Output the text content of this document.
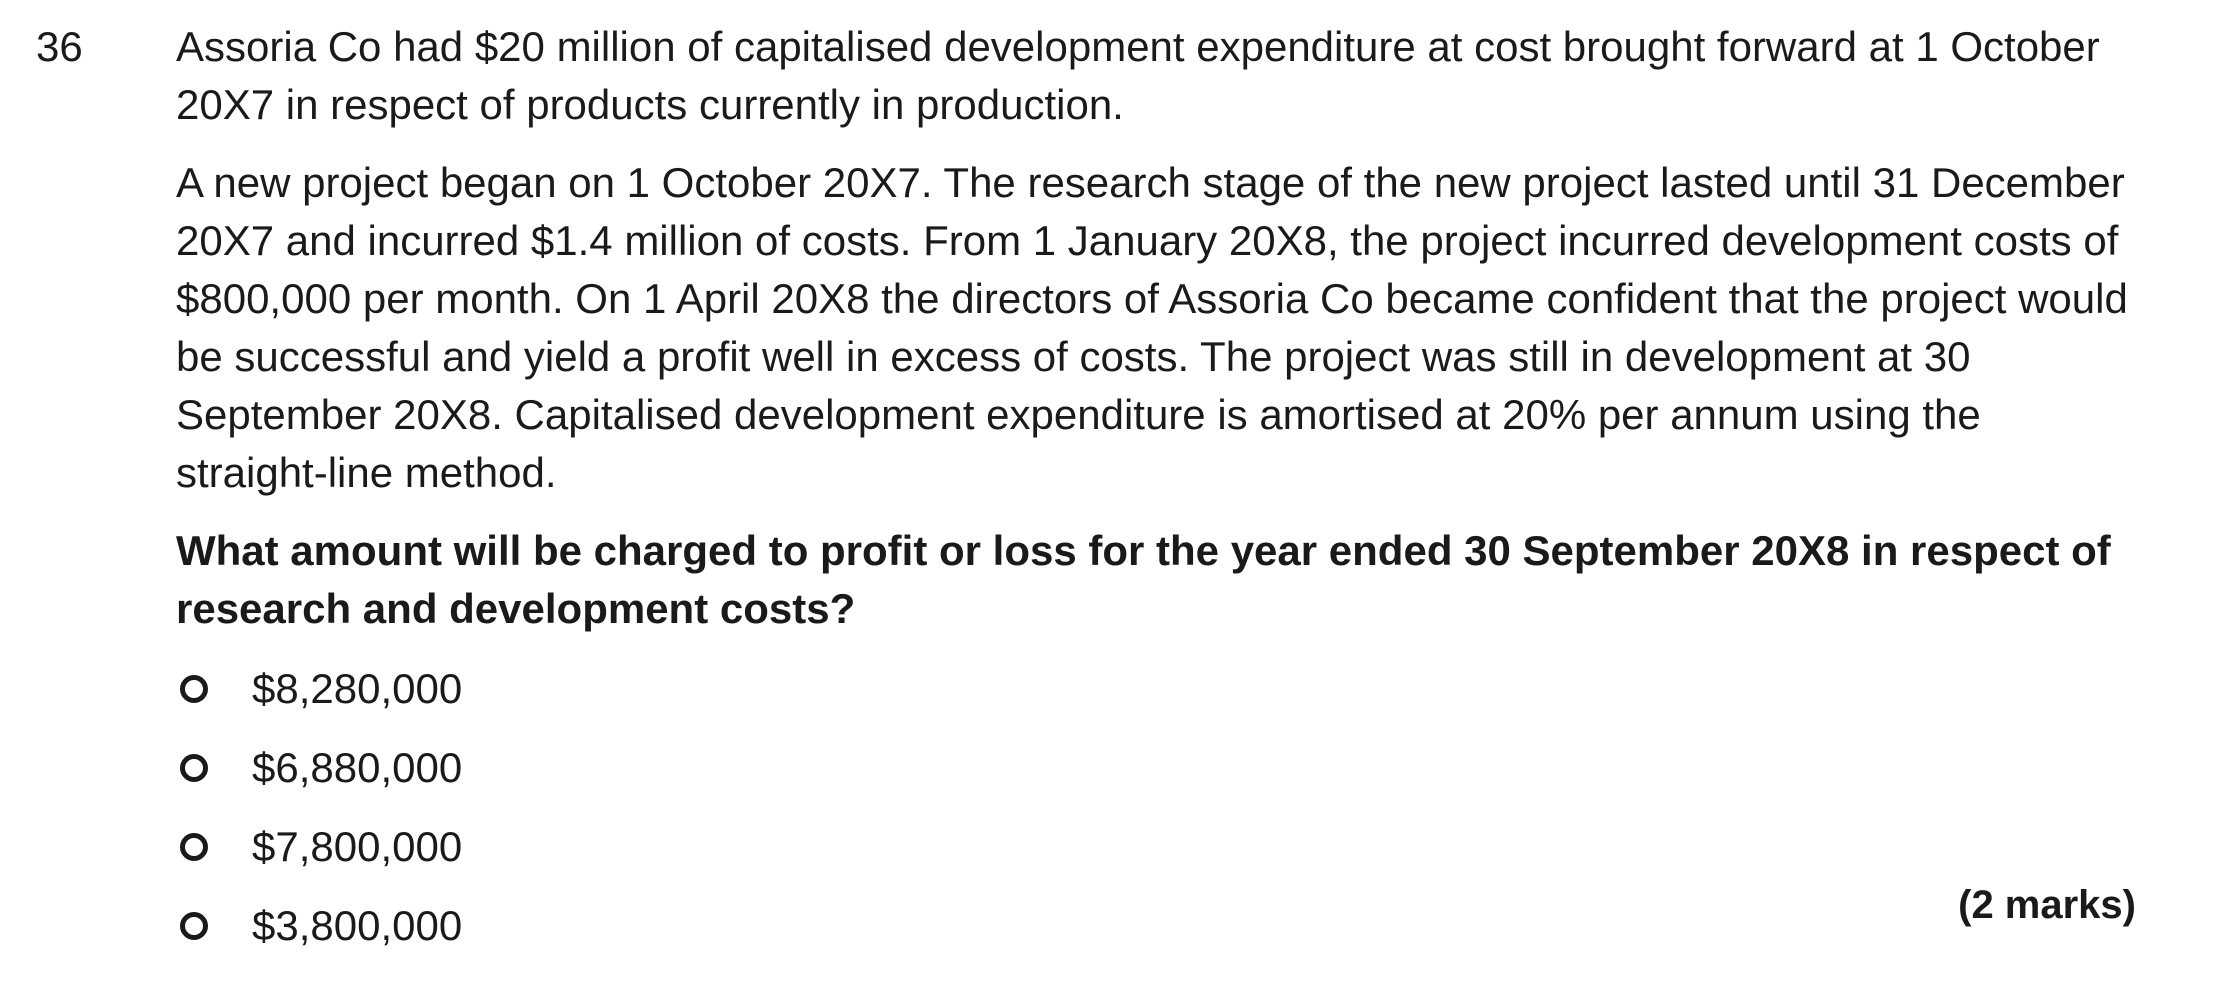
36 Assoria Co had $20 million of capitalised development expenditure at cost brought forward at 1 October 20X7 in respect of products currently in production.

A new project began on 1 October 20X7. The research stage of the new project lasted until 31 December 20X7 and incurred $1.4 million of costs. From 1 January 20X8, the project incurred development costs of $800,000 per month. On 1 April 20X8 the directors of Assoria Co became confident that the project would be successful and yield a profit well in excess of costs. The project was still in development at 30 September 20X8. Capitalised development expenditure is amortised at 20% per annum using the straight-line method.

What amount will be charged to profit or loss for the year ended 30 September 20X8 in respect of research and development costs?

$8,280,000
$6,880,000
$7,800,000
$3,800,000	(2 marks)
